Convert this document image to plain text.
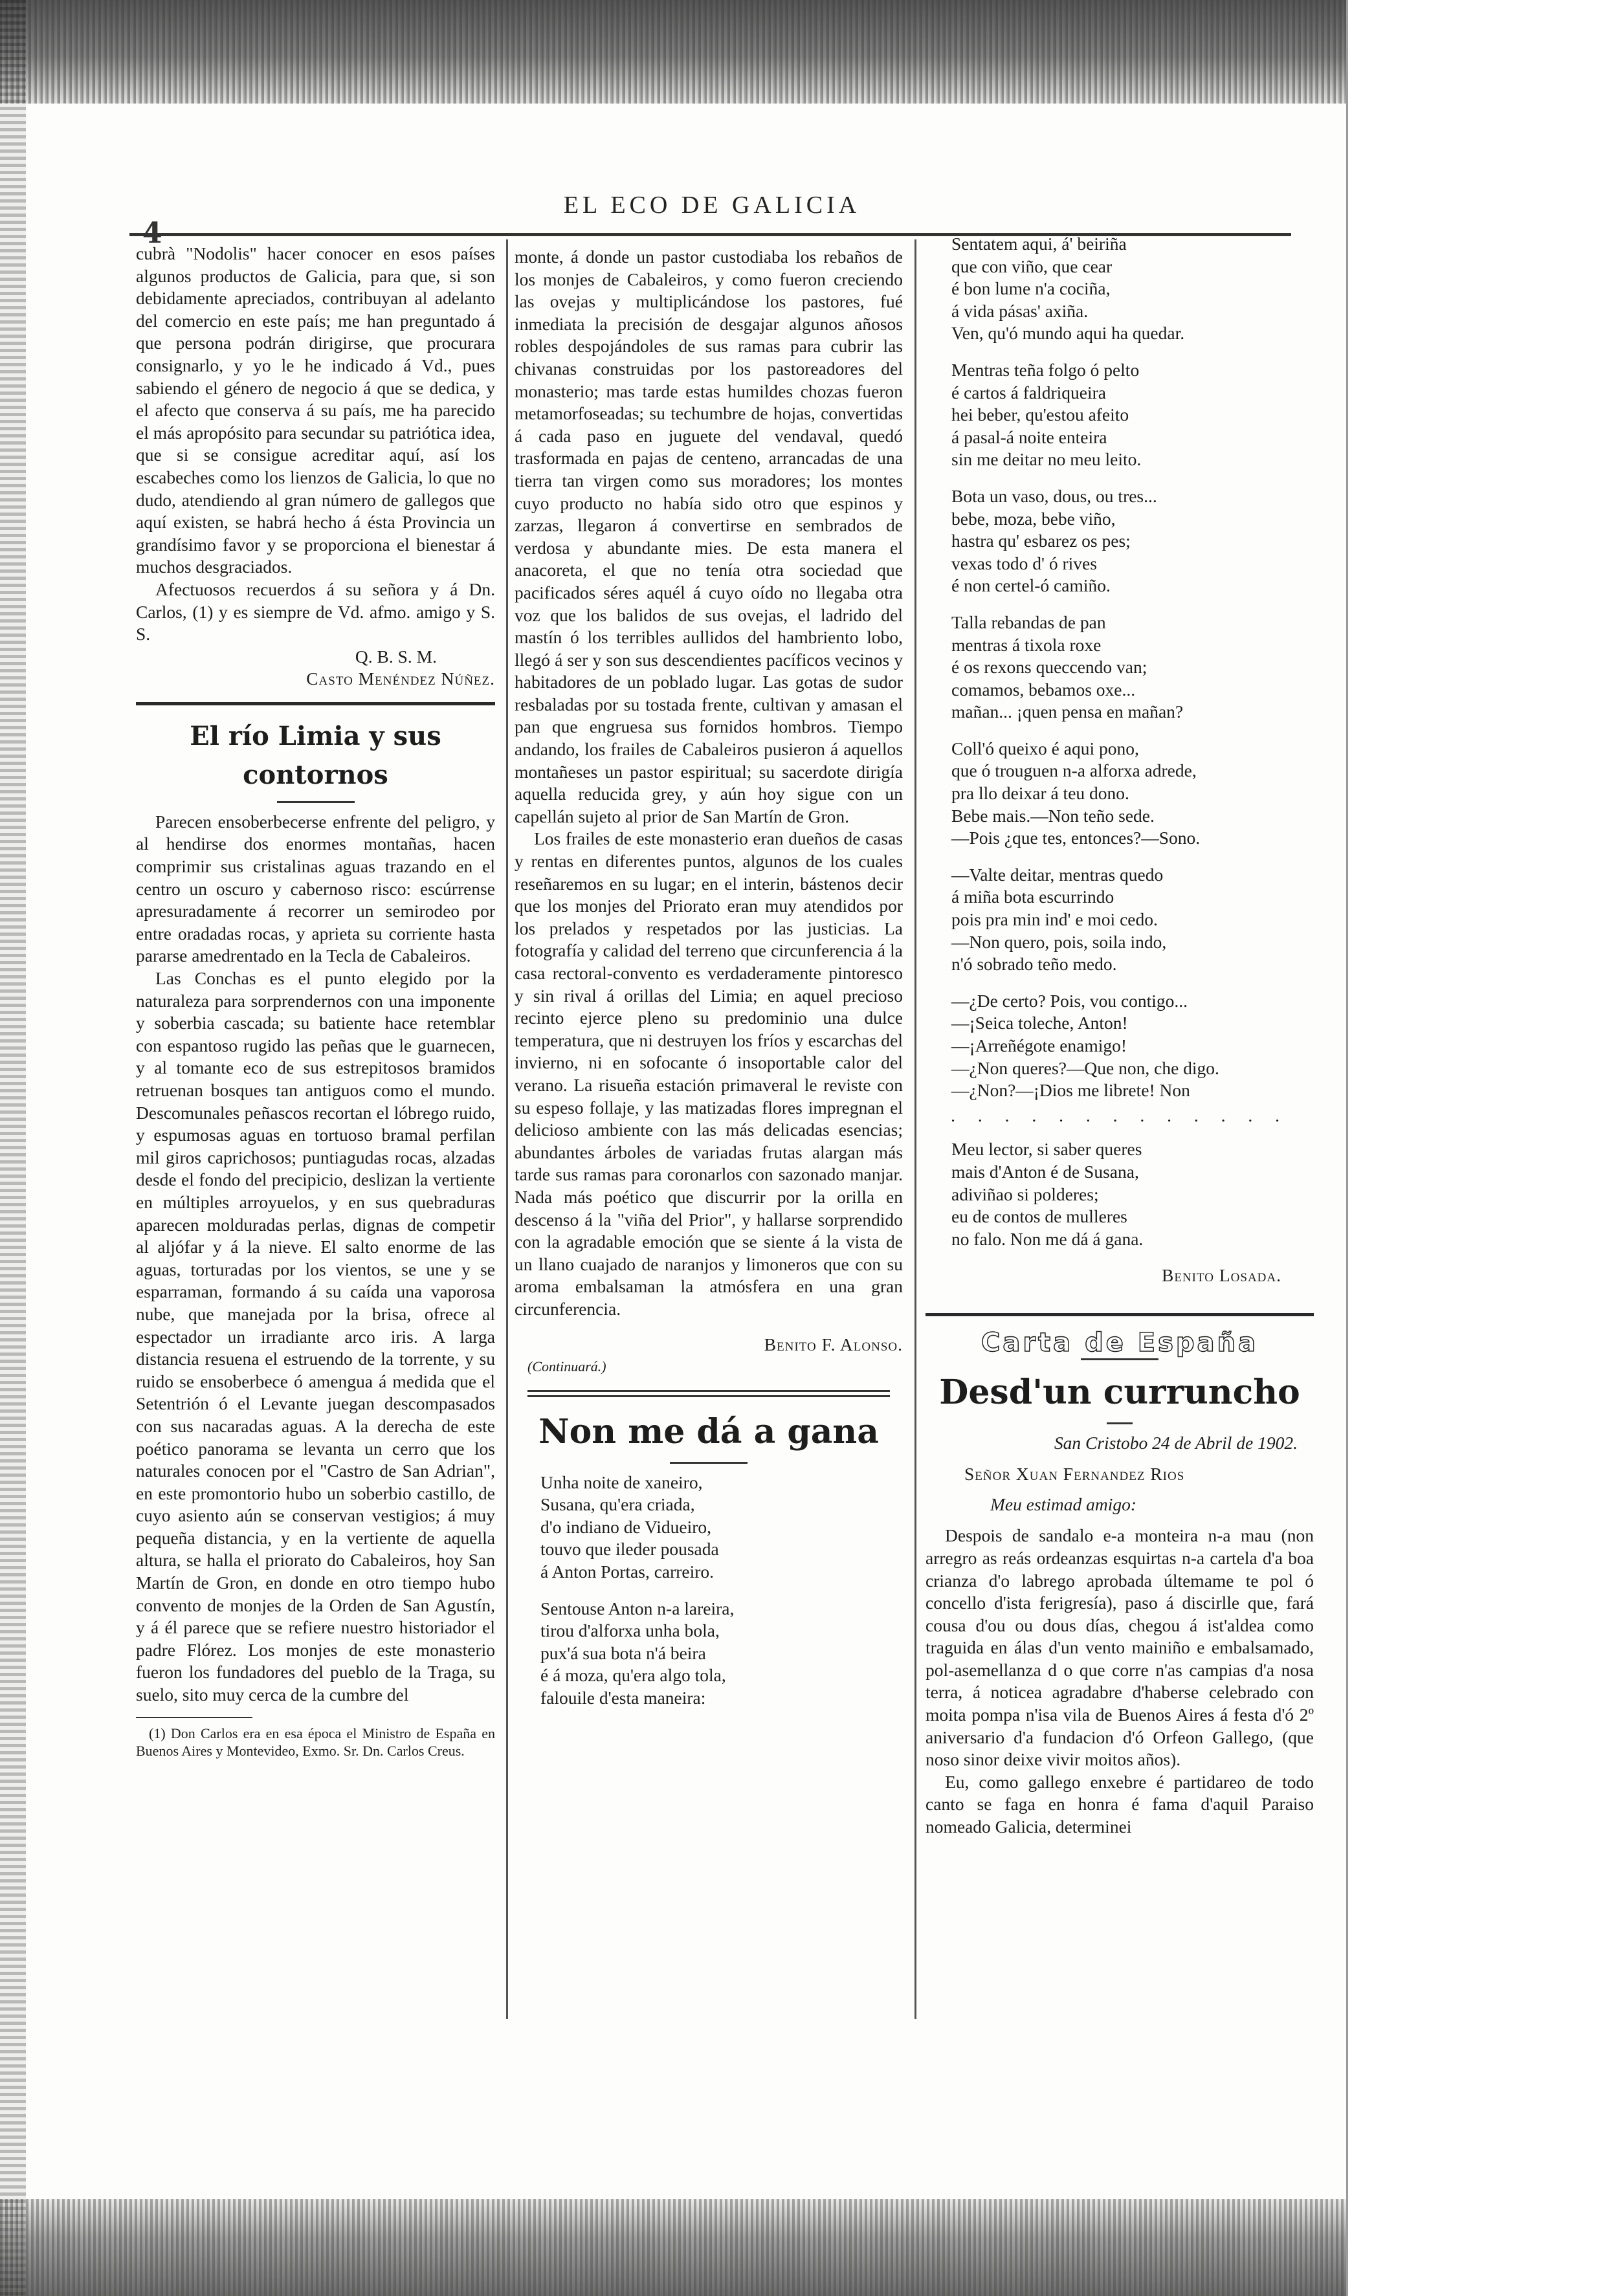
EL ECO DE GALICIA

cubrà "Nodolis" hacer conocer en esos países algunos productos de Galicia, para que, si son debidamente apreciados, contribuyan al adelanto del comercio en este país; me han preguntado á que persona podrán dirigirse, que procurara consignarlo, y yo le he indicado á Vd., pues sabiendo el género de negocio á que se dedica, y el afecto que conserva á su país, me ha parecido el más apropósito para secundar su patriótica idea, que si se consigue acreditar aquí, así los escabeches como los lienzos de Galicia, lo que no dudo, atendiendo al gran número de gallegos que aquí existen, se habrá hecho á ésta Provincia un grandísimo favor y se proporciona el bienestar á muchos desgraciados.

Afectuosos recuerdos á su señora y á Dn. Carlos, (1) y es siempre de Vd. afmo. amigo y S. S.

Q. B. S. M.

Casto Menéndez Núñez.

El río Limia y sus contornos

Parecen ensoberbecerse enfrente del peligro, y al hendirse dos enormes montañas, hacen comprimir sus cristalinas aguas trazando en el centro un oscuro y cabernoso risco: escúrrense apresuradamente á recorrer un semirodeo por entre oradadas rocas, y aprieta su corriente hasta pararse amedrentado en la Tecla de Cabaleiros.

Las Conchas es el punto elegido por la naturaleza para sorprendernos con una imponente y soberbia cascada; su batiente hace retemblar con espantoso rugido las peñas que le guarnecen, y al tomante eco de sus estrepitosos bramidos retruenan bosques tan antiguos como el mundo. Descomunales peñascos recortan el lóbrego ruido, y espumosas aguas en tortuoso bramal perfilan mil giros caprichosos; puntiagudas rocas, alzadas desde el fondo del precipicio, deslizan la vertiente en múltiples arroyuelos, y en sus quebraduras aparecen molduradas perlas, dignas de competir al aljófar y á la nieve. El salto enorme de las aguas, torturadas por los vientos, se une y se esparraman, formando á su caída una vaporosa nube, que manejada por la brisa, ofrece al espectador un irradiante arco iris. A larga distancia resuena el estruendo de la torrente, y su ruido se ensoberbece ó amengua á medida que el Setentrión ó el Levante juegan descompasados con sus nacaradas aguas. A la derecha de este poético panorama se levanta un cerro que los naturales conocen por el "Castro de San Adrian", en este promontorio hubo un soberbio castillo, de cuyo asiento aún se conservan vestigios; á muy pequeña distancia, y en la vertiente de aquella altura, se halla el priorato do Cabaleiros, hoy San Martín de Gron, en donde en otro tiempo hubo convento de monjes de la Orden de San Agustín, y á él parece que se refiere nuestro historiador el padre Flórez. Los monjes de este monasterio fueron los fundadores del pueblo de la Traga, su suelo, sito muy cerca de la cumbre del

(1) Don Carlos era en esa época el Ministro de España en Buenos Aires y Montevideo, Exmo. Sr. Dn. Carlos Creus.

monte, á donde un pastor custodiaba los rebaños de los monjes de Cabaleiros, y como fueron creciendo las ovejas y multiplicándose los pastores, fué inmediata la precisión de desgajar algunos añosos robles despojándoles de sus ramas para cubrir las chivanas construidas por los pastoreadores del monasterio; mas tarde estas humildes chozas fueron metamorfoseadas; su techumbre de hojas, convertidas á cada paso en juguete del vendaval, quedó trasformada en pajas de centeno, arrancadas de una tierra tan virgen como sus moradores; los montes cuyo producto no había sido otro que espinos y zarzas, llegaron á convertirse en sembrados de verdosa y abundante mies. De esta manera el anacoreta, el que no tenía otra sociedad que pacificados séres aquél á cuyo oído no llegaba otra voz que los balidos de sus ovejas, el ladrido del mastín ó los terribles aullidos del hambriento lobo, llegó á ser y son sus descendientes pacíficos vecinos y habitadores de un poblado lugar. Las gotas de sudor resbaladas por su tostada frente, cultivan y amasan el pan que engruesa sus fornidos hombros. Tiempo andando, los frailes de Cabaleiros pusieron á aquellos montañeses un pastor espiritual; su sacerdote dirigía aquella reducida grey, y aún hoy sigue con un capellán sujeto al prior de San Martín de Gron.

Los frailes de este monasterio eran dueños de casas y rentas en diferentes puntos, algunos de los cuales reseñaremos en su lugar; en el interin, bástenos decir que los monjes del Priorato eran muy atendidos por los prelados y respetados por las justicias. La fotografía y calidad del terreno que circunferencia á la casa rectoral-convento es verdaderamente pintoresco y sin rival á orillas del Limia; en aquel precioso recinto ejerce pleno su predominio una dulce temperatura, que ni destruyen los fríos y escarchas del invierno, ni en sofocante ó insoportable calor del verano. La risueña estación primaveral le reviste con su espeso follaje, y las matizadas flores impregnan el delicioso ambiente con las más delicadas esencias; abundantes árboles de variadas frutas alargan más tarde sus ramas para coronarlos con sazonado manjar. Nada más poético que discurrir por la orilla en descenso á la "viña del Prior", y hallarse sorprendido con la agradable emoción que se siente á la vista de un llano cuajado de naranjos y limoneros que con su aroma embalsaman la atmósfera en una gran circunferencia.

Benito F. Alonso.

(Continuará.)

Non me dá a gana
Unha noite de xaneiro,
Susana, qu'era criada,
d'o indiano de Vidueiro,
touvo que ileder pousada
á Anton Portas, carreiro.
Sentouse Anton n-a lareira,
tirou d'alforxa unha bola,
pux'á sua bota n'á beira
é á moza, qu'era algo tola,
falouile d'esta maneira:
Sentatem aqui, á' beiriña
que con viño, que cear
é bon lume n'a cociña,
á vida pásas' axiña.
Ven, qu'ó mundo aqui ha quedar.
Mentras teña folgo ó pelto
é cartos á faldriqueira
hei beber, qu'estou afeito
á pasal-á noite enteira
sin me deitar no meu leito.
Bota un vaso, dous, ou tres...
bebe, moza, bebe viño,
hastra qu' esbarez os pes;
vexas todo d' ó rives
é non certel-ó camiño.
Talla rebandas de pan
mentras á tixola roxe
é os rexons queccendo van;
comamos, bebamos oxe...
mañan... ¡quen pensa en mañan?
Coll'ó queixo é aqui pono,
que ó trouguen n-a alforxa adrede,
pra llo deixar á teu dono.
Bebe mais.—Non teño sede.
—Pois ¿que tes, entonces?—Sono.
—Valte deitar, mentras quedo
á miña bota escurrindo
pois pra min ind' e moi cedo.
—Non quero, pois, soila indo,
n'ó sobrado teño medo.
—¿De certo? Pois, vou contigo...
—¡Seica toleche, Anton!
—¡Arreñégote enamigo!
—¿Non queres?—Que non, che digo.
—¿Non?—¡Dios me librete! Non

. . . . . . . . . . . . .

Meu lector, si saber queres
mais d'Anton é de Susana,
adiviñao si polderes;
eu de contos de mulleres
no falo. Non me dá á gana.

Benito Losada.

Carta de España
Desd'un curruncho

San Cristobo 24 de Abril de 1902.

Señor Xuan Fernandez Rios

Meu estimad amigo:

Despois de sandalo e-a monteira n-a mau (non arregro as reás ordeanzas esquirtas n-a cartela d'a boa crianza d'o labrego aprobada últemame te pol ó concello d'ista ferigresía), paso á discirlle que, fará cousa d'ou ou dous días, chegou á ist'aldea como traguida en álas d'un vento mainiño e embalsamado, pol-asemellanza d o que corre n'as campias d'a nosa terra, á noticea agradabre d'haberse celebrado con moita pompa n'isa vila de Buenos Aires á festa d'ó 2º aniversario d'a fundacion d'ó Orfeon Gallego, (que noso sinor deixe vivir moitos años).

Eu, como gallego enxebre é partidareo de todo canto se faga en honra é fama d'aquil Paraiso nomeado Galicia, determinei
